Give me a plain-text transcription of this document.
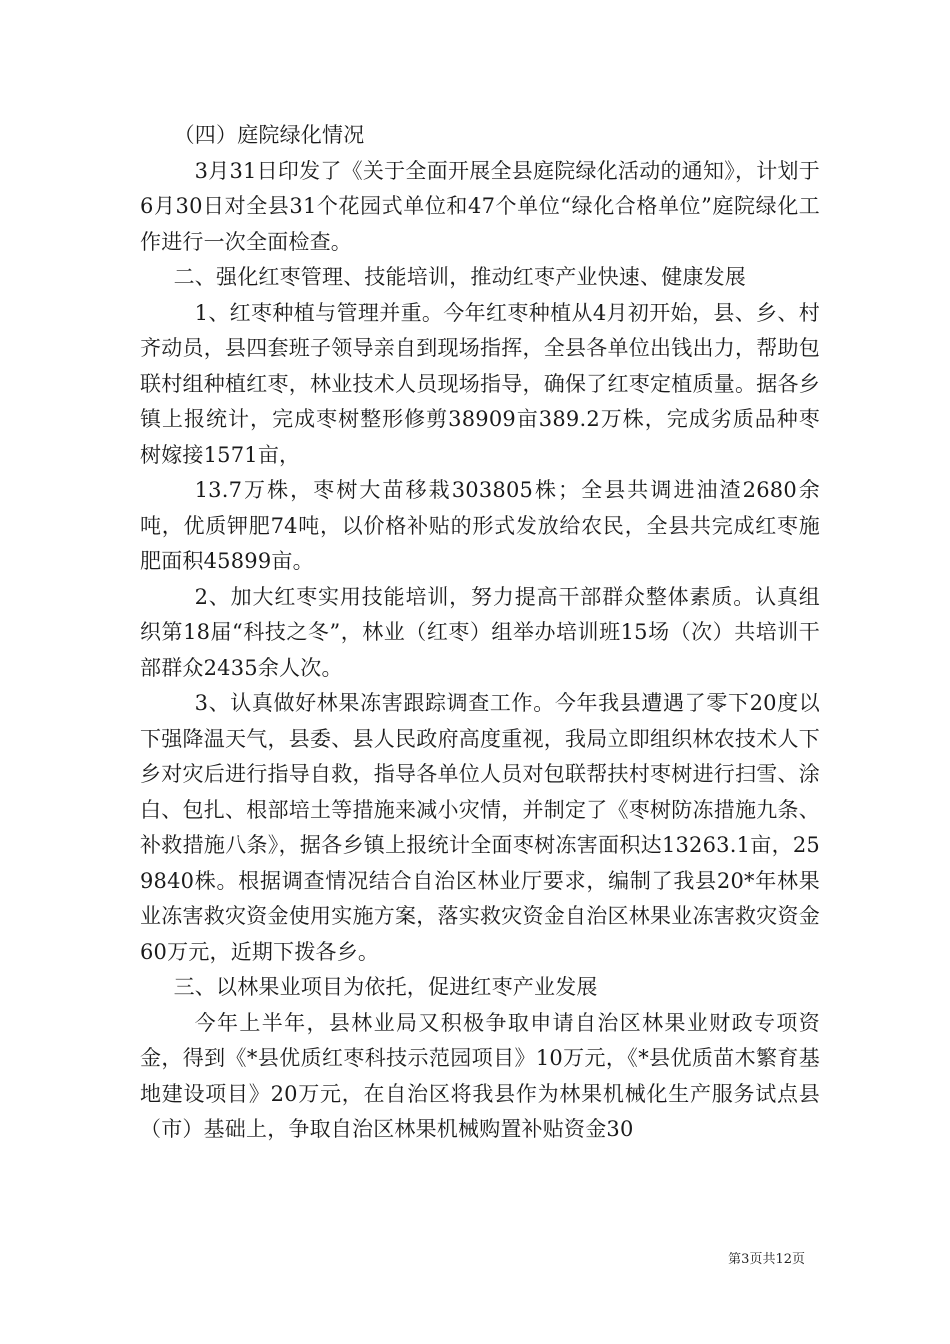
（四）庭院绿化情况

3月31日印发了《关于全面开展全县庭院绿化活动的通知》，计划于6月30日对全县31个花园式单位和47个单位“绿化合格单位”庭院绿化工作进行一次全面检查。

二、强化红枣管理、技能培训，推动红枣产业快速、健康发展

1、红枣种植与管理并重。今年红枣种植从4月初开始，县、乡、村齐动员，县四套班子领导亲自到现场指挥，全县各单位出钱出力，帮助包联村组种植红枣，林业技术人员现场指导，确保了红枣定植质量。据各乡镇上报统计，完成枣树整形修剪38909亩389.2万株，完成劣质品种枣树嫁接1571亩，

13.7万株，枣树大苗移栽303805株；全县共调进油渣2680余吨，优质钾肥74吨，以价格补贴的形式发放给农民，全县共完成红枣施肥面积45899亩。

2、加大红枣实用技能培训，努力提高干部群众整体素质。认真组织第18届“科技之冬”，林业（红枣）组举办培训班15场（次）共培训干部群众2435余人次。

3、认真做好林果冻害跟踪调查工作。今年我县遭遇了零下20度以下强降温天气，县委、县人民政府高度重视，我局立即组织林农技术人下乡对灾后进行指导自救，指导各单位人员对包联帮扶村枣树进行扫雪、涂白、包扎、根部培土等措施来减小灾情，并制定了《枣树防冻措施九条、补救措施八条》，据各乡镇上报统计全面枣树冻害面积达13263.1亩，259840株。根据调查情况结合自治区林业厅要求，编制了我县20*年林果业冻害救灾资金使用实施方案，落实救灾资金自治区林果业冻害救灾资金60万元，近期下拨各乡。

三、以林果业项目为依托，促进红枣产业发展

今年上半年，县林业局又积极争取申请自治区林果业财政专项资金，得到《*县优质红枣科技示范园项目》10万元，《*县优质苗木繁育基地建设项目》20万元，在自治区将我县作为林果机械化生产服务试点县（市）基础上，争取自治区林果机械购置补贴资金30

第3页共12页
